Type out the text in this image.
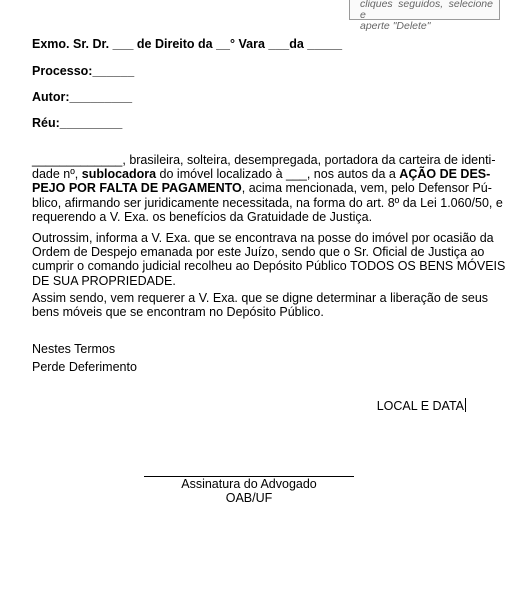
cliques seguidos, selecione e
aperte "Delete"
Exmo. Sr. Dr. ___ de Direito da __° Vara ___da _____
Processo:______
Autor:_________
Réu:_________
_____________, brasileira, solteira, desempregada, portadora da carteira de identi-
dade nº, sublocadora do imóvel localizado à ___, nos autos da a AÇÃO DE DES-
PEJO POR FALTA DE PAGAMENTO, acima mencionada, vem, pelo Defensor Pú-
blico, afirmando ser juridicamente necessitada, na forma do art. 8º da Lei 1.060/50, e
requerendo a V. Exa. os benefícios da Gratuidade de Justiça.
Outrossim, informa a V. Exa. que se encontrava na posse do imóvel por ocasião da
Ordem de Despejo emanada por este Juízo, sendo que o Sr. Oficial de Justiça ao
cumprir o comando judicial recolheu ao Depósito Público TODOS OS BENS MÓVEIS
DE SUA PROPRIEDADE.
Assim sendo, vem requerer a V. Exa. que se digne determinar a liberação de seus
bens móveis que se encontram no Depósito Público.
Nestes Termos
Perde Deferimento
LOCAL E DATA
Assinatura do Advogado
OAB/UF
